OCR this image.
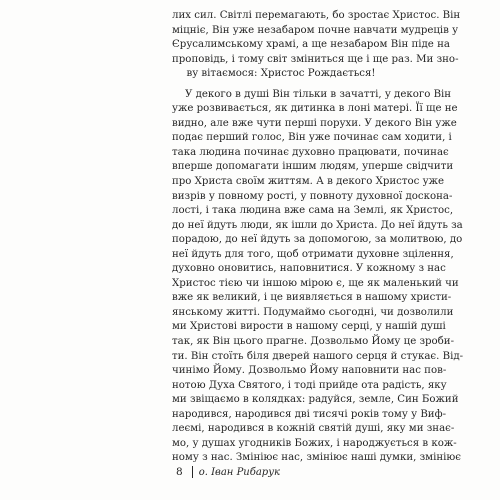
лих сил. Світлі перемагають, бо зростає Христос. Він
міцніє, Він уже незабаром почне навчати мудреців у
Єрусалимському храмі, а ще незабаром Він піде на
проповідь, і тому світ зміниться ще і ще раз. Ми зно-
ву вітаємося: Христос Рождається!
У декого в душі Він тільки в зачатті, у декого Він
уже розвивається, як дитинка в лоні матері. Її ще не
видно, але вже чути перші порухи. У декого Він уже
подає перший голос, Він уже починає сам ходити, і
така людина починає духовно працювати, починає
вперше допомагати іншим людям, уперше свідчити
про Христа своїм життям. А в декого Христос уже
визрів у повному рості, у повноту духовної доскона-
лості, і така людина вже сама на Землі, як Христос,
до неї йдуть люди, як ішли до Христа. До неї йдуть за
порадою, до неї йдуть за допомогою, за молитвою, до
неї йдуть для того, щоб отримати духовне зцілення,
духовно оновитись, наповнитися. У кожному з нас
Христос тією чи іншою мірою є, ще як маленький чи
вже як великий, і це виявляється в нашому христи-
янському житті. Подумаймо сьогодні, чи дозволили
ми Христові вирости в нашому серці, у нашій душі
так, як Він цього прагне. Дозвольмо Йому це зроби-
ти. Він стоїть біля дверей нашого серця й стукає. Від-
чинімо Йому. Дозвольмо Йому наповнити нас пов-
нотою Духа Святого, і тоді прийде ота радість, яку
ми звіщаємо в колядках: радуйся, земле, Син Божий
народився, народився дві тисячі років тому у Виф-
леємі, народився в кожній святій душі, яку ми знає-
мо, у душах угодників Божих, і народжується в кож-
ному з нас. Змініює нас, змініює наші думки, змініює
8 о. Іван Рибарук
